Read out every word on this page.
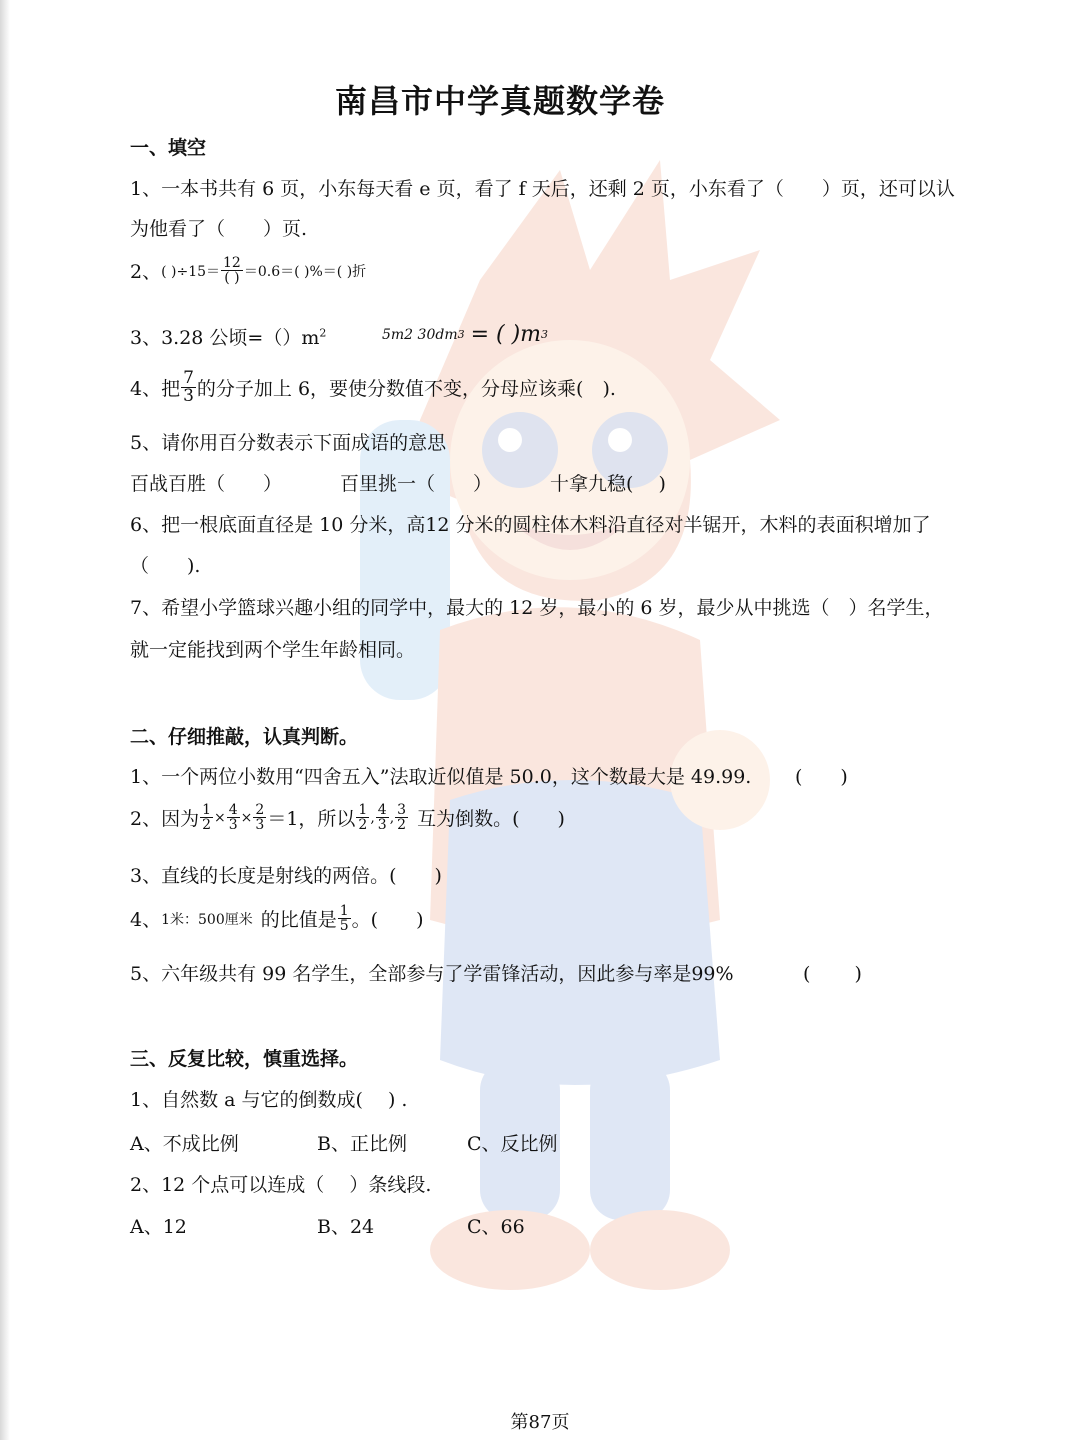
南昌市中学真题数学卷
一、填空
1、一本书共有 6 页，小东每天看 e 页，看了 f 天后，还剩 2 页，小东看了（　　）页，还可以认
为他看了（　　）页.
2、 ( )$\div 15= \frac{12}{( )} =0.6=$( )%＝( )折
3、3.28 公顷$=()m^2$	5m2 30dm 3 = ( )m 3
4、把 $\frac{7}{3}$ 的分子加上 6，要使分数值不变，分母应该乘(　).
5、请你用百分数表示下面成语的意思
百战百胜（　　）	百里挑一（　　）	十拿九稳(　 )
6、把一根底面直径是 10 分米，高12 分米的圆柱体木料沿直径对半锯开，木料的表面积增加了
（　　).
7、希望小学篮球兴趣小组的同学中，最大的 12 岁，最小的 6 岁，最少从中挑选（　）名学生，
就一定能找到两个学生年龄相同。
二、仔细推敲，认真判断。
1、一个两位小数用“四舍五入”法取近似值是 50.0，这个数最大是 49.99. (　　)
2、因为 $\frac{1}{2} \times \frac{4}{3} \times \frac{2}{3} =1$，所以 $\frac{1}{2}$ , $\frac{4}{3}$ , $\frac{3}{2}$ 互为倒数。(　　)
3、直线的长度是射线的两倍。(　　)
4、 1米：500厘米 的比值是 $\frac{1}{5}$ 。(　　)
5、六年级共有 99 名学生，全部参与了学雷锋活动，因此参与率是99%	(　　 )
三、反复比较，慎重选择。
1、自然数 a 与它的倒数成(　 ) .
A、不成比例	B、正比例	C、反比例
2、12 个点可以连成（　 ）条线段.
A、12	B、24	C、66
第87页
